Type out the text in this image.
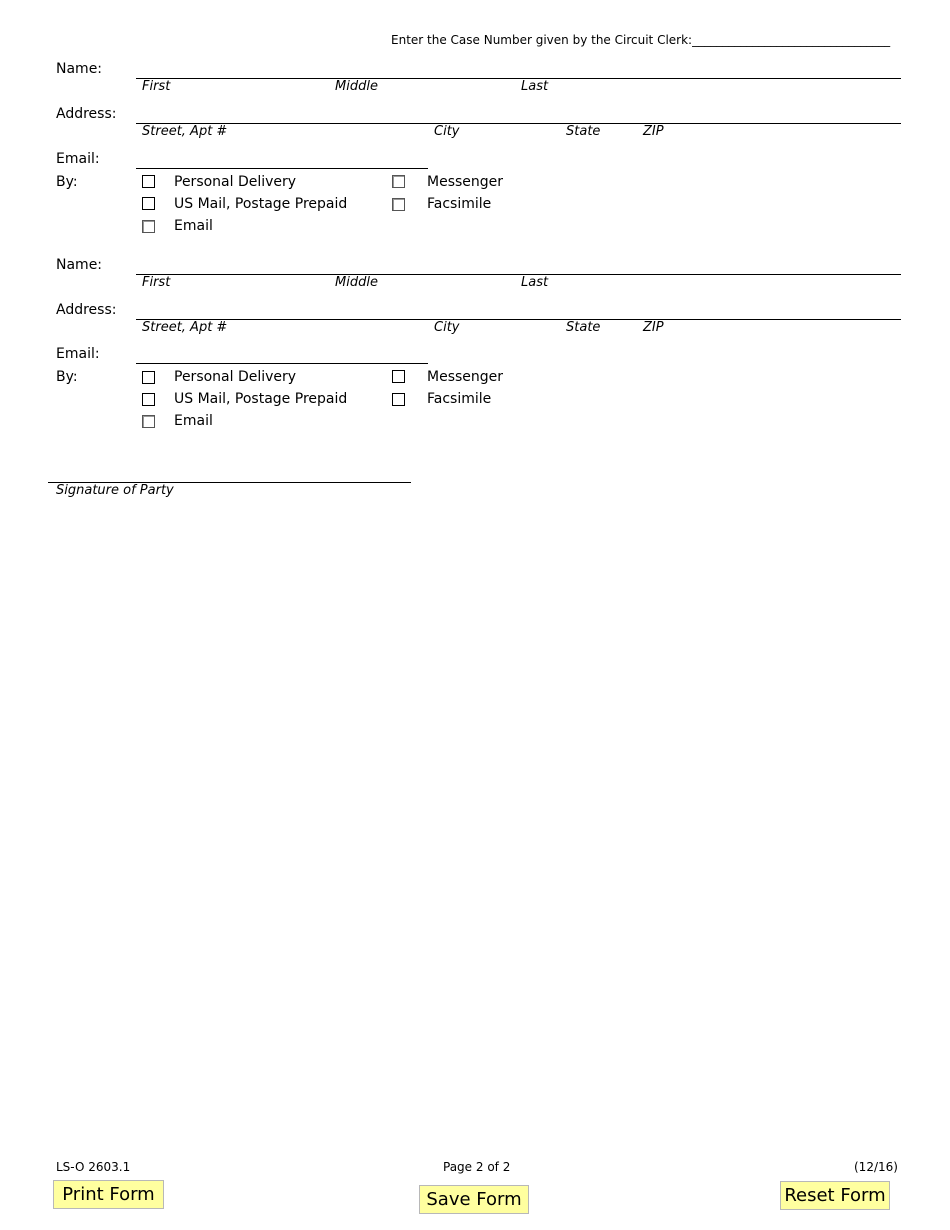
Enter the Case Number given by the Circuit Clerk:_________________________________
Name:
First	Middle	Last
Address:
Street, Apt #	City	State	ZIP
Email:
By:	Personal Delivery
US Mail, Postage Prepaid
Email
Messenger
Facsimile
Name:
First	Middle	Last
Address:
Street, Apt #	City	State	ZIP
Email:
By:	Personal Delivery
US Mail, Postage Prepaid
Email
Messenger
Facsimile
Signature of Party
LS-O 2603.1	Page 2 of 2	(12/16)
Print Form	Save Form	Reset Form
